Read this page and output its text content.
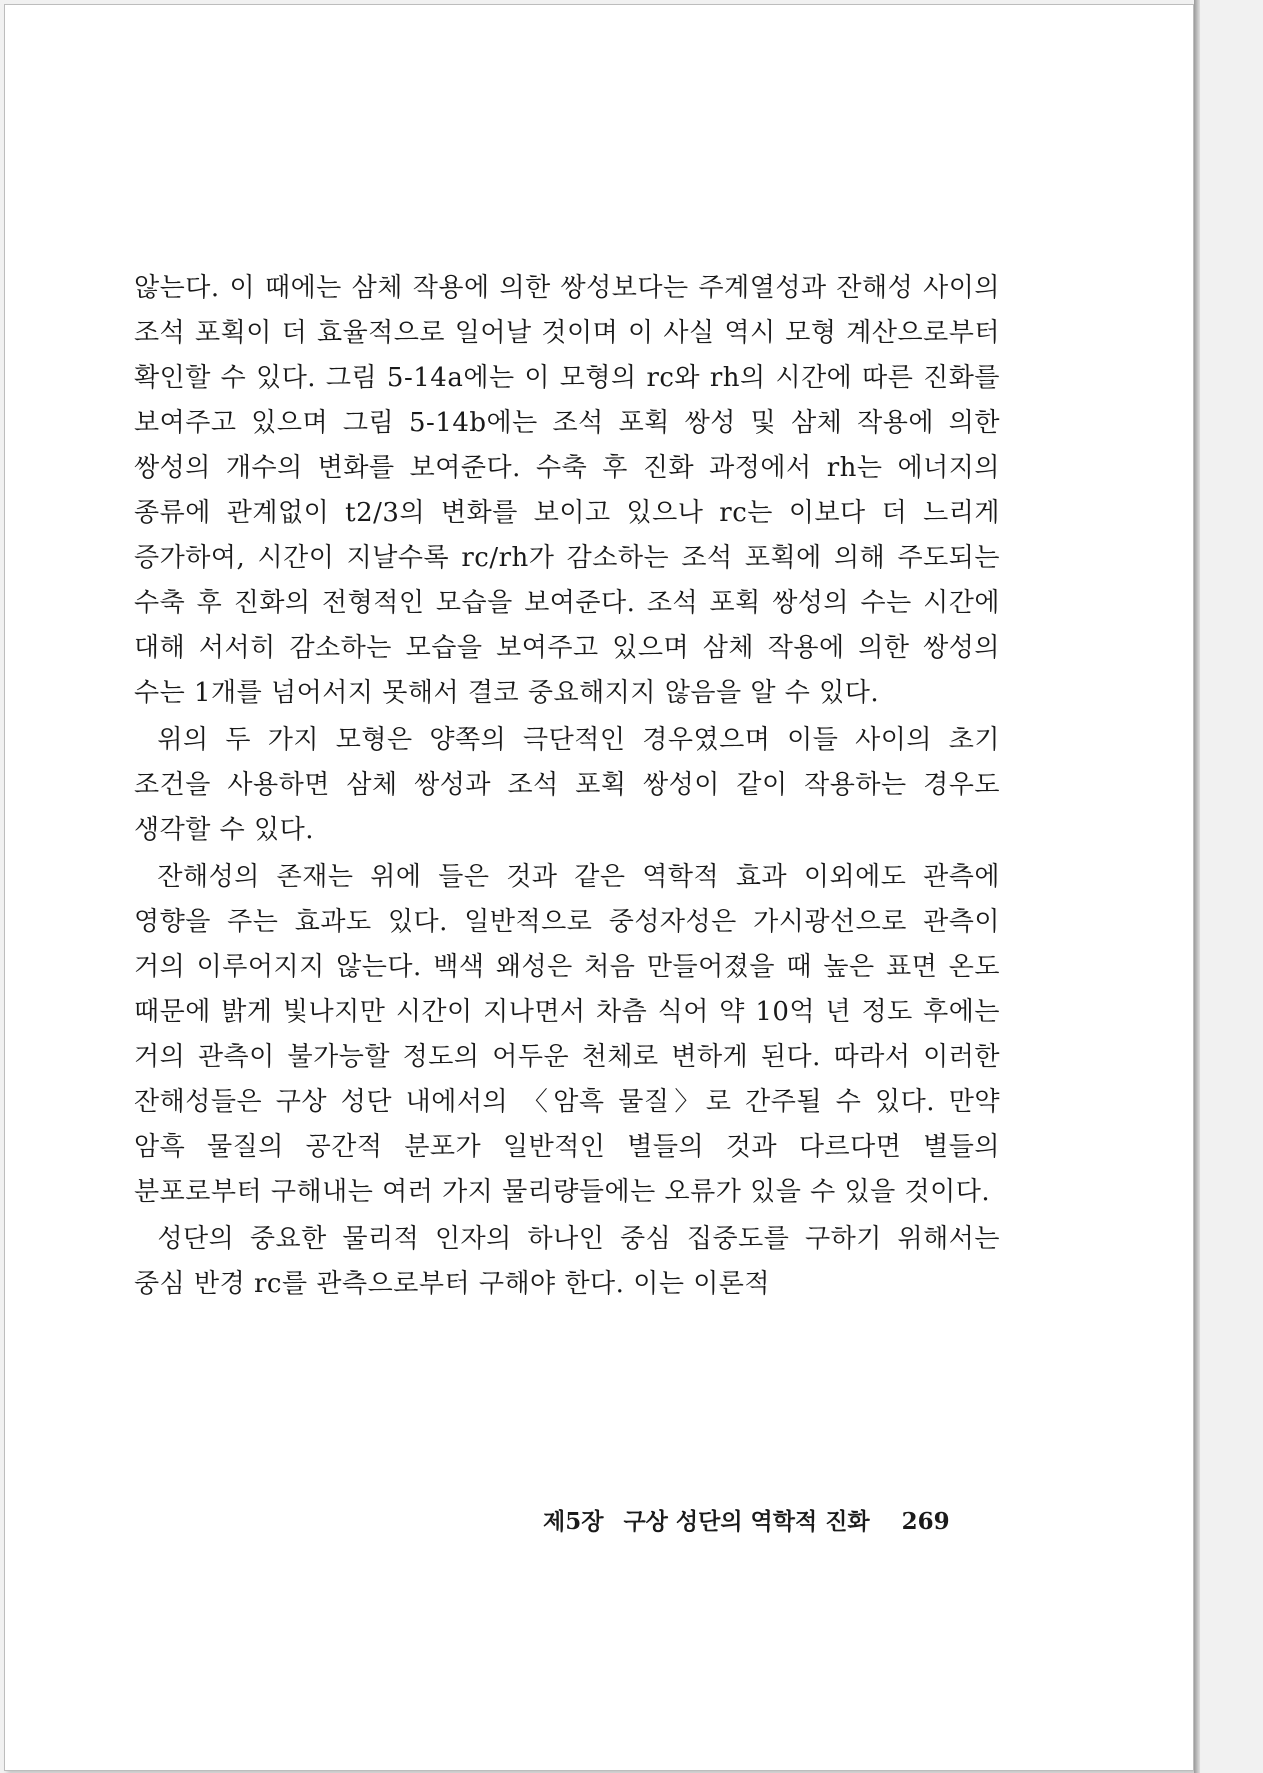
않는다. 이 때에는 삼체 작용에 의한 쌍성보다는 주계열성과 잔해성 사이의 조석 포획이 더 효율적으로 일어날 것이며 이 사실 역시 모형 계산으로부터 확인할 수 있다. 그림 5-14a에는 이 모형의 rc와 rh의 시간에 따른 진화를 보여주고 있으며 그림 5-14b에는 조석 포획 쌍성 및 삼체 작용에 의한 쌍성의 개수의 변화를 보여준다. 수축 후 진화 과정에서 rh는 에너지의 종류에 관계없이 t2/3의 변화를 보이고 있으나 rc는 이보다 더 느리게 증가하여, 시간이 지날수록 rc/rh가 감소하는 조석 포획에 의해 주도되는 수축 후 진화의 전형적인 모습을 보여준다. 조석 포획 쌍성의 수는 시간에 대해 서서히 감소하는 모습을 보여주고 있으며 삼체 작용에 의한 쌍성의 수는 1개를 넘어서지 못해서 결코 중요해지지 않음을 알 수 있다.

위의 두 가지 모형은 양쪽의 극단적인 경우였으며 이들 사이의 초기 조건을 사용하면 삼체 쌍성과 조석 포획 쌍성이 같이 작용하는 경우도 생각할 수 있다.

잔해성의 존재는 위에 들은 것과 같은 역학적 효과 이외에도 관측에 영향을 주는 효과도 있다. 일반적으로 중성자성은 가시광선으로 관측이 거의 이루어지지 않는다. 백색 왜성은 처음 만들어졌을 때 높은 표면 온도 때문에 밝게 빛나지만 시간이 지나면서 차츰 식어 약 10억 년 정도 후에는 거의 관측이 불가능할 정도의 어두운 천체로 변하게 된다. 따라서 이러한 잔해성들은 구상 성단 내에서의 〈암흑 물질〉로 간주될 수 있다. 만약 암흑 물질의 공간적 분포가 일반적인 별들의 것과 다르다면 별들의 분포로부터 구해내는 여러 가지 물리량들에는 오류가 있을 수 있을 것이다.

성단의 중요한 물리적 인자의 하나인 중심 집중도를 구하기 위해서는 중심 반경 rc를 관측으로부터 구해야 한다. 이는 이론적

제5장 구상 성단의 역학적 진화 269
